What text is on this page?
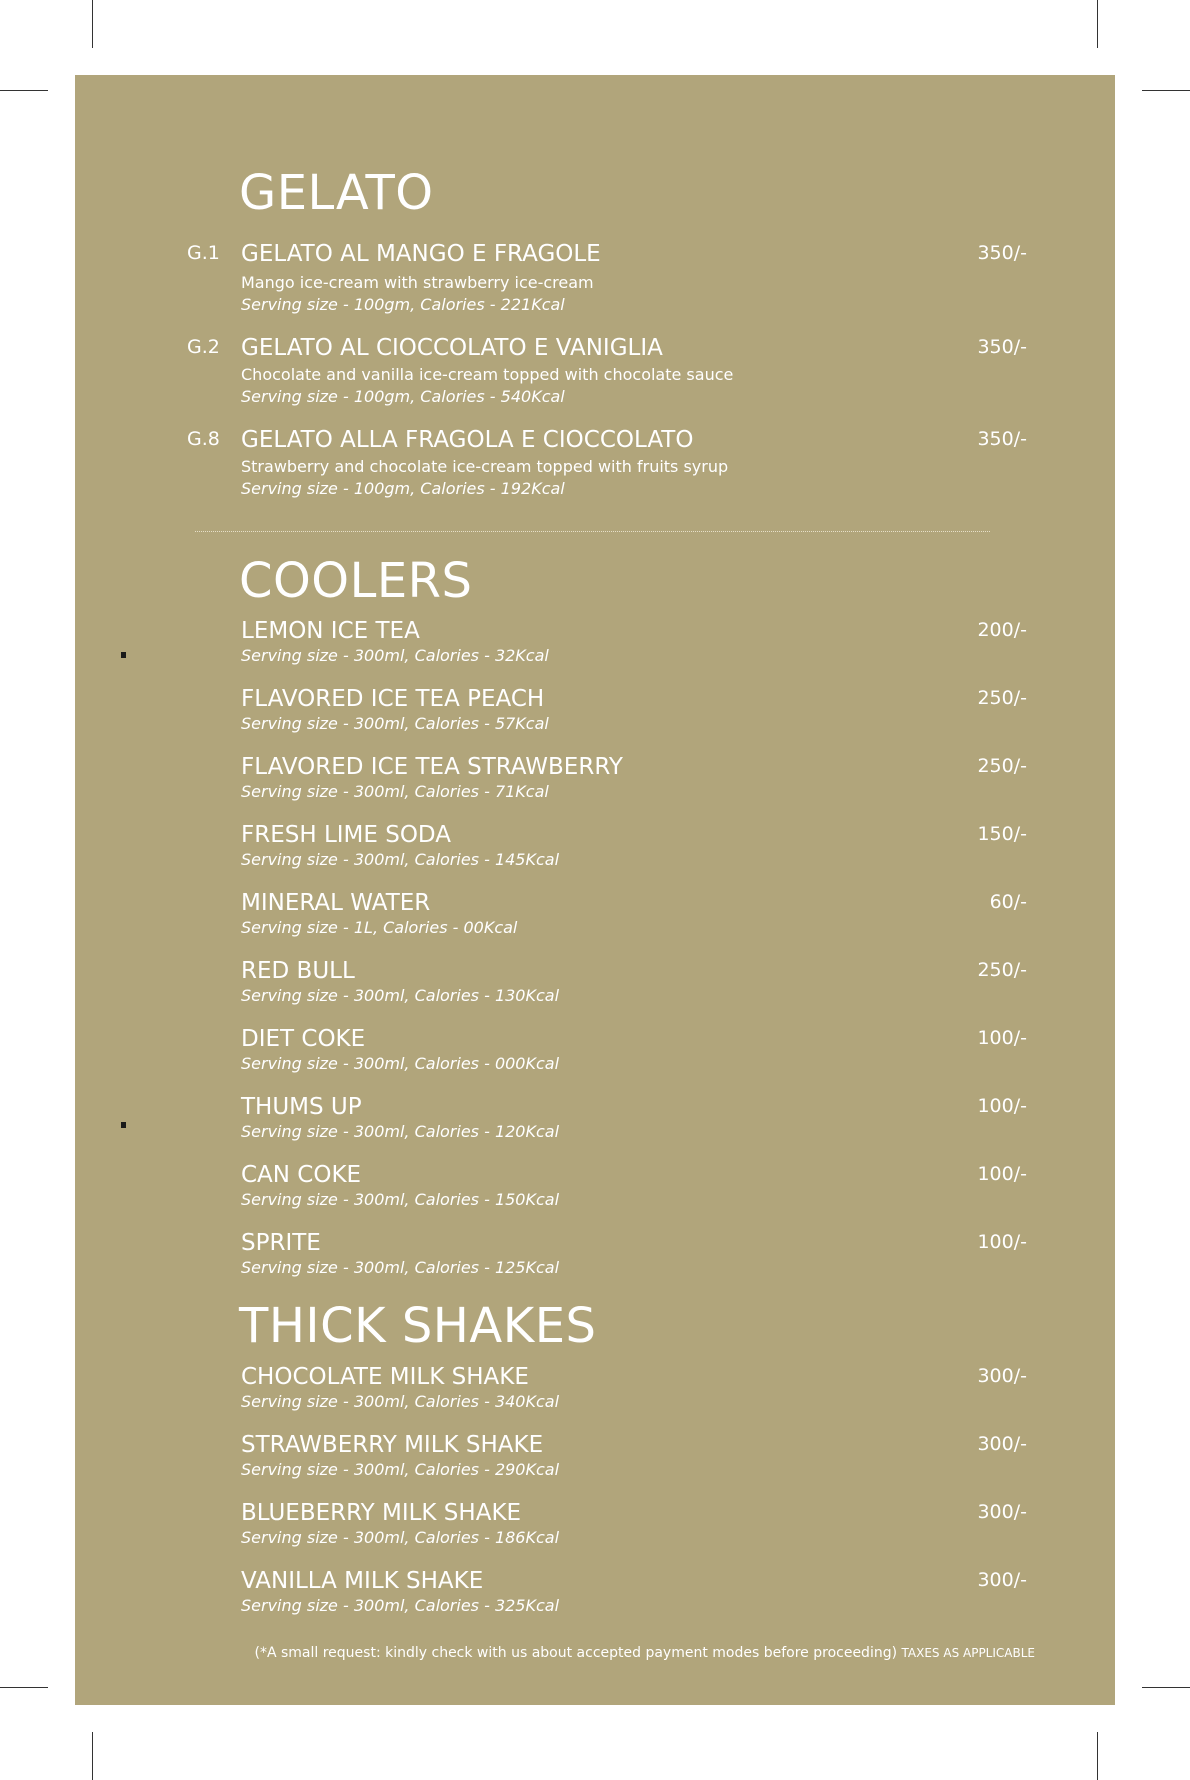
GELATO
G.1 GELATO AL MANGO E FRAGOLE	350/-
Mango ice-cream with strawberry ice-cream
Serving size - 100gm, Calories - 221Kcal
G.2 GELATO AL CIOCCOLATO E VANIGLIA	350/-
Chocolate and vanilla ice-cream topped with chocolate sauce
Serving size - 100gm, Calories - 540Kcal
G.8 GELATO ALLA FRAGOLA E CIOCCOLATO	350/-
Strawberry and chocolate ice-cream topped with fruits syrup
Serving size - 100gm, Calories - 192Kcal
COOLERS
LEMON ICE TEA	200/-
Serving size - 300ml, Calories - 32Kcal
FLAVORED ICE TEA PEACH	250/-
Serving size - 300ml, Calories - 57Kcal
FLAVORED ICE TEA STRAWBERRY	250/-
Serving size - 300ml, Calories - 71Kcal
FRESH LIME SODA	150/-
Serving size - 300ml, Calories - 145Kcal
MINERAL WATER	60/-
Serving size - 1L, Calories - 00Kcal
RED BULL	250/-
Serving size - 300ml, Calories - 130Kcal
DIET COKE	100/-
Serving size - 300ml, Calories - 000Kcal
THUMS UP	100/-
Serving size - 300ml, Calories - 120Kcal
CAN COKE	100/-
Serving size - 300ml, Calories - 150Kcal
SPRITE	100/-
Serving size - 300ml, Calories - 125Kcal
THICK SHAKES
CHOCOLATE MILK SHAKE	300/-
Serving size - 300ml, Calories - 340Kcal
STRAWBERRY MILK SHAKE	300/-
Serving size - 300ml, Calories - 290Kcal
BLUEBERRY MILK SHAKE	300/-
Serving size - 300ml, Calories - 186Kcal
VANILLA MILK SHAKE	300/-
Serving size - 300ml, Calories - 325Kcal
(*A small request: kindly check with us about accepted payment modes before proceeding) TAXES AS APPLICABLE
